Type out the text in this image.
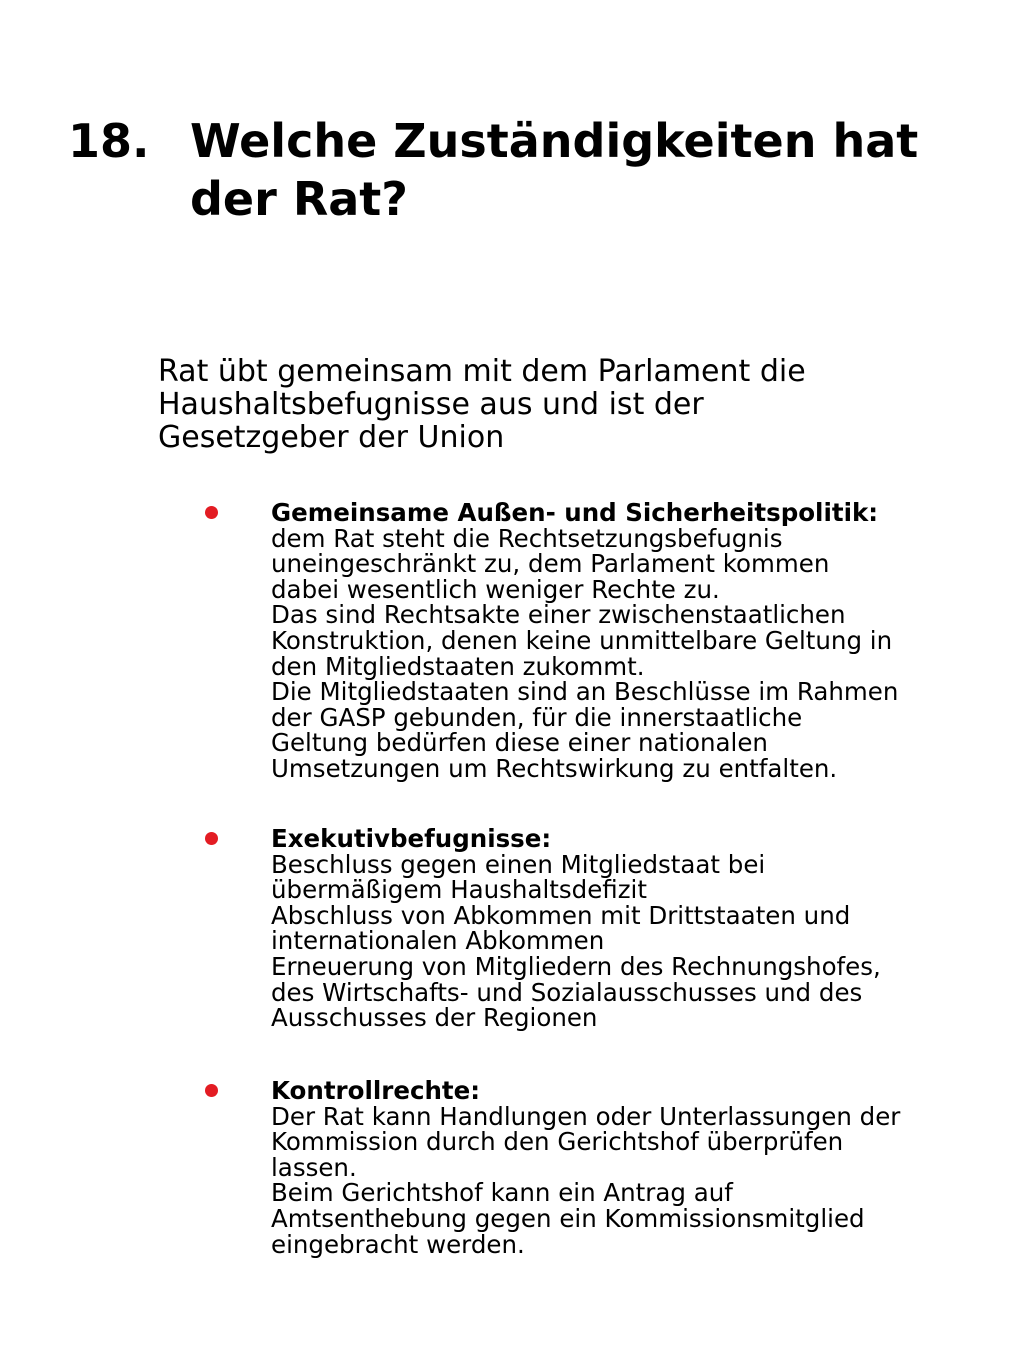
18. Welche Zuständigkeiten hat
der Rat?

Rat übt gemeinsam mit dem Parlament die
Haushaltsbefugnisse aus und ist der
Gesetzgeber der Union

Gemeinsame Außen- und Sicherheitspolitik:
dem Rat steht die Rechtsetzungsbefugnis
uneingeschränkt zu, dem Parlament kommen
dabei wesentlich weniger Rechte zu.
Das sind Rechtsakte einer zwischenstaatlichen
Konstruktion, denen keine unmittelbare Geltung in
den Mitgliedstaaten zukommt.
Die Mitgliedstaaten sind an Beschlüsse im Rahmen
der GASP gebunden, für die innerstaatliche
Geltung bedürfen diese einer nationalen
Umsetzungen um Rechtswirkung zu entfalten.
Exekutivbefugnisse:
Beschluss gegen einen Mitgliedstaat bei
übermäßigem Haushaltsdefizit
Abschluss von Abkommen mit Drittstaaten und
internationalen Abkommen
Erneuerung von Mitgliedern des Rechnungshofes,
des Wirtschafts- und Sozialausschusses und des
Ausschusses der Regionen
Kontrollrechte:
Der Rat kann Handlungen oder Unterlassungen der
Kommission durch den Gerichtshof überprüfen
lassen.
Beim Gerichtshof kann ein Antrag auf
Amtsenthebung gegen ein Kommissionsmitglied
eingebracht werden.
